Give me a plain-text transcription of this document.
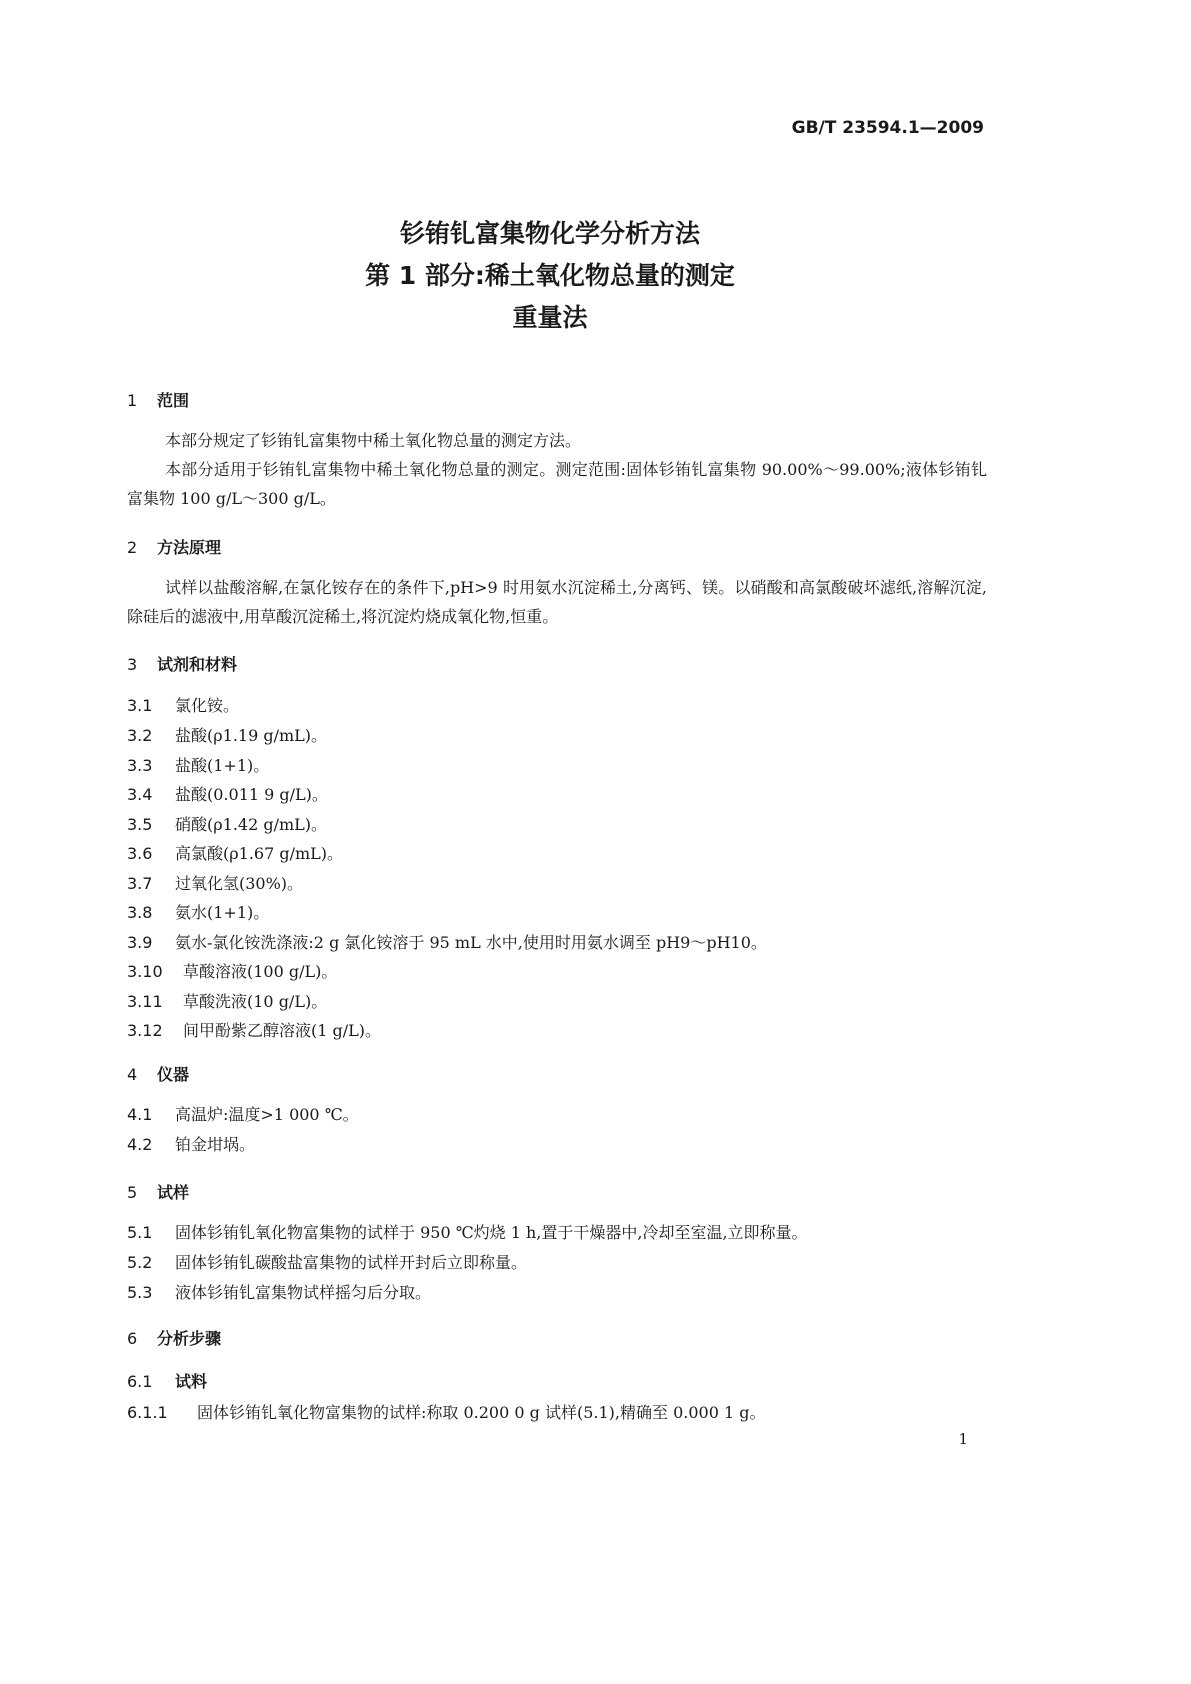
GB/T 23594.1—2009
钐铕钆富集物化学分析方法
第 1 部分:稀土氧化物总量的测定
重量法
1 范围

本部分规定了钐铕钆富集物中稀土氧化物总量的测定方法。

本部分适用于钐铕钆富集物中稀土氧化物总量的测定。测定范围:固体钐铕钆富集物 90.00%～99.00%;液体钐铕钆富集物 100 g/L～300 g/L。

2 方法原理

试样以盐酸溶解,在氯化铵存在的条件下,pH>9 时用氨水沉淀稀土,分离钙、镁。以硝酸和高氯酸破坏滤纸,溶解沉淀,除硅后的滤液中,用草酸沉淀稀土,将沉淀灼烧成氧化物,恒重。

3 试剂和材料
3.1 氯化铵。
3.2 盐酸(ρ1.19 g/mL)。
3.3 盐酸(1+1)。
3.4 盐酸(0.011 9 g/L)。
3.5 硝酸(ρ1.42 g/mL)。
3.6 高氯酸(ρ1.67 g/mL)。
3.7 过氧化氢(30%)。
3.8 氨水(1+1)。
3.9 氨水-氯化铵洗涤液:2 g 氯化铵溶于 95 mL 水中,使用时用氨水调至 pH9～pH10。
3.10 草酸溶液(100 g/L)。
3.11 草酸洗液(10 g/L)。
3.12 间甲酚紫乙醇溶液(1 g/L)。
4 仪器
4.1 高温炉:温度>1 000 ℃。
4.2 铂金坩埚。
5 试样
5.1 固体钐铕钆氧化物富集物的试样于 950 ℃灼烧 1 h,置于干燥器中,冷却至室温,立即称量。
5.2 固体钐铕钆碳酸盐富集物的试样开封后立即称量。
5.3 液体钐铕钆富集物试样摇匀后分取。
6 分析步骤
6.1 试料
6.1.1 固体钐铕钆氧化物富集物的试样:称取 0.200 0 g 试样(5.1),精确至 0.000 1 g。
1
